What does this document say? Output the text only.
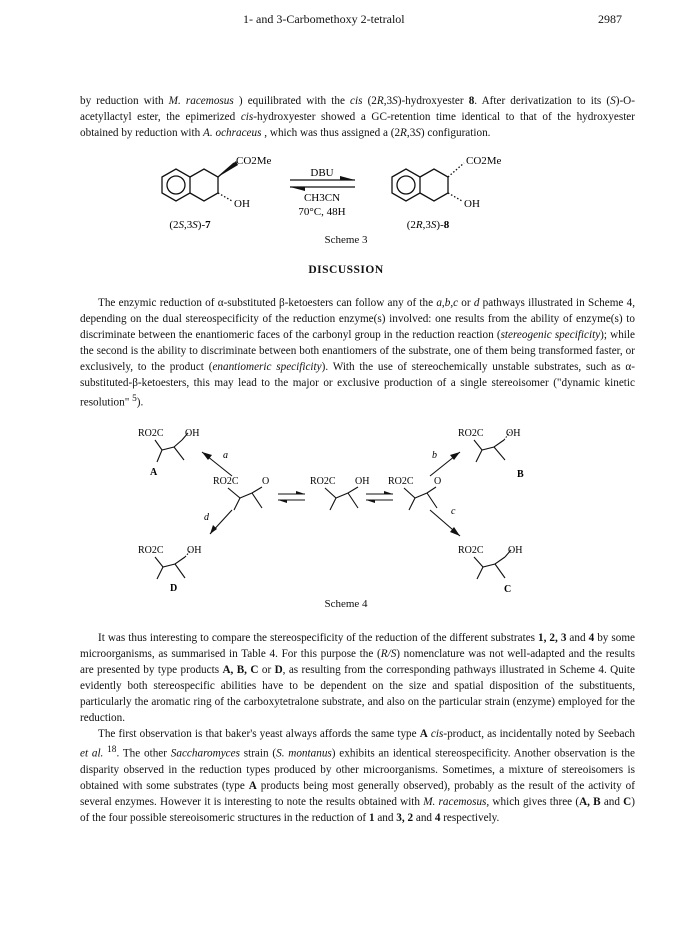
1- and 3-Carbomethoxy 2-tetralol	2987

by reduction with M. racemosus ) equilibrated with the cis (2R,3S)-hydroxyester 8. After derivatization to its (S)-O-acetyllactyl ester, the epimerized cis-hydroxyester showed a GC-retention time identical to that of the hydroxyester obtained by reduction with A. ochraceus , which was thus assigned a (2R,3S) configuration.

CO2Me
OH
DBU
CH3CN
70°C, 48H
CO2Me
OH
(2S,3S)-7	(2R,3S)-8
Scheme 3
DISCUSSION

The enzymic reduction of α-substituted β-ketoesters can follow any of the a,b,c or d pathways illustrated in Scheme 4, depending on the dual stereospecificity of the reduction enzyme(s) involved: one results from the ability of enzyme(s) to discriminate between the enantiomeric faces of the carbonyl group in the reduction reaction (stereogenic specificity); while the second is the ability to discriminate between both enantiomers of the substrate, one of them being transformed faster, or exclusively, to the product (enantiomeric specificity). With the use of stereochemically unstable substrates, such as α-substituted-β-ketoesters, this may lead to the major or exclusive production of a single stereoisomer ("dynamic kinetic resolution" $^5$).

RO2C OH
A
RO2C OH
B
RO2C O	RO2C OH RO2C O
RO2C OH
D
RO2C OH
C
a	b
c
d
Scheme 4

It was thus interesting to compare the stereospecificity of the reduction of the different substrates 1, 2, 3 and 4 by some microorganisms, as summarised in Table 4. For this purpose the (R/S) nomenclature was not well-adapted and the results are presented by type products A, B, C or D, as resulting from the corresponding pathways illustrated in Scheme 4. Quite evidently both stereospecific abilities have to be dependent on the size and spatial disposition of the substituents, particularly the aromatic ring of the carboxytetralone substrate, and also on the particular strain (enzyme) employed for the reduction.

The first observation is that baker's yeast always affords the same type A cis-product, as incidentally noted by Seebach et al. $^{18}$. The other Saccharomyces strain (S. montanus) exhibits an identical stereospecificity. Another observation is the disparity observed in the reduction types produced by other microorganisms. Sometimes, a mixture of stereoisomers is obtained with some substrates (type A products being most generally observed), probably as the result of the activity of several enzymes. However it is interesting to note the results obtained with M. racemosus, which gives three (A, B and C) of the four possible stereoisomeric structures in the reduction of 1 and 3, 2 and 4 respectively.
